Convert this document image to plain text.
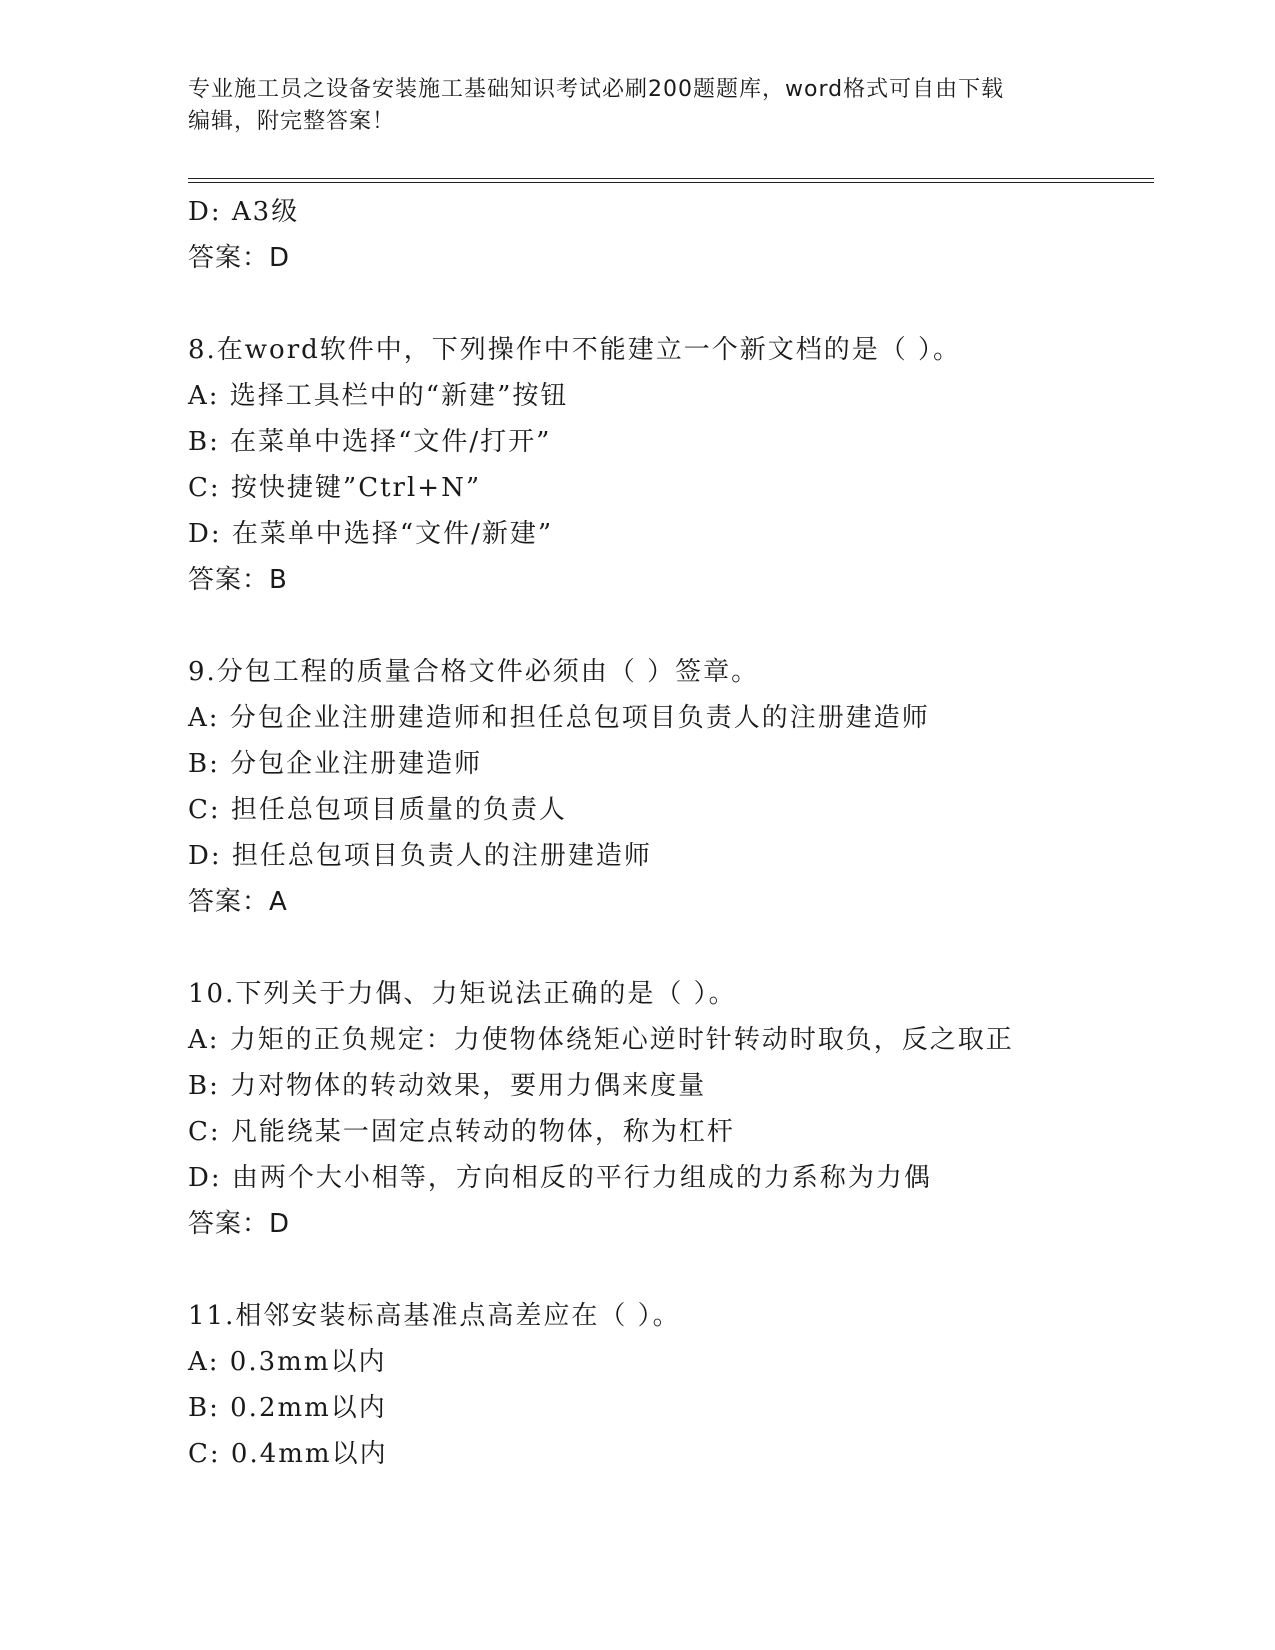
专业施工员之设备安装施工基础知识考试必刷200题题库，word格式可自由下载
编辑，附完整答案！
D: A3级
答案：D
8.在word软件中，下列操作中不能建立一个新文档的是（ ）。
A: 选择工具栏中的“新建”按钮
B: 在菜单中选择“文件/打开”
C: 按快捷键”Ctrl+N”
D: 在菜单中选择“文件/新建”
答案：B
9.分包工程的质量合格文件必须由（ ）签章。
A: 分包企业注册建造师和担任总包项目负责人的注册建造师
B: 分包企业注册建造师
C: 担任总包项目质量的负责人
D: 担任总包项目负责人的注册建造师
答案：A
10.下列关于力偶、力矩说法正确的是（ ）。
A: 力矩的正负规定：力使物体绕矩心逆时针转动时取负，反之取正
B: 力对物体的转动效果，要用力偶来度量
C: 凡能绕某一固定点转动的物体，称为杠杆
D: 由两个大小相等，方向相反的平行力组成的力系称为力偶
答案：D
11.相邻安装标高基准点高差应在（ ）。
A: 0.3mm以内
B: 0.2mm以内
C: 0.4mm以内
